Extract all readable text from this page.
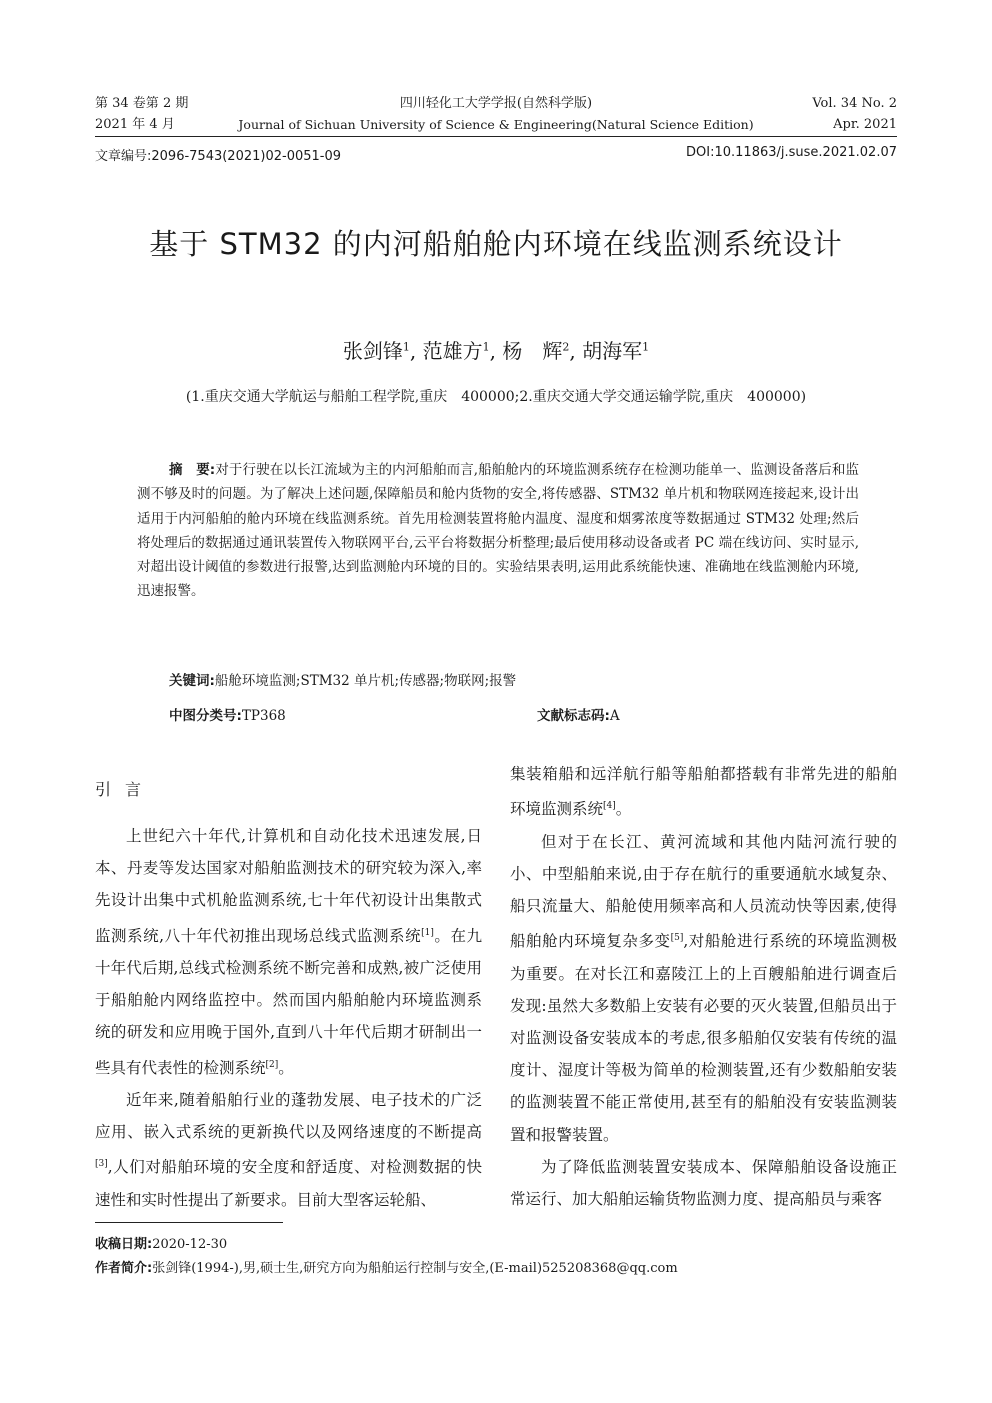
第 34 卷第 2 期
2021 年 4 月
四川轻化工大学学报(自然科学版)
Journal of Sichuan University of Science & Engineering(Natural Science Edition)
Vol. 34 No. 2
Apr. 2021
文章编号:2096-7543(2021)02-0051-09	DOI:10.11863/j.suse.2021.02.07
基于 STM32 的内河船舶舱内环境在线监测系统设计
张剑锋$^1$, 范雄方$^1$, 杨　辉$^2$, 胡海军$^1$
(1.重庆交通大学航运与船舶工程学院,重庆　400000;2.重庆交通大学交通运输学院,重庆　400000)
摘　要:对于行驶在以长江流域为主的内河船舶而言,船舶舱内的环境监测系统存在检测功能单一、监测设备落后和监测不够及时的问题。为了解决上述问题,保障船员和舱内货物的安全,将传感器、STM32 单片机和物联网连接起来,设计出适用于内河船舶的舱内环境在线监测系统。首先用检测装置将舱内温度、湿度和烟雾浓度等数据通过 STM32 处理;然后将处理后的数据通过通讯装置传入物联网平台,云平台将数据分析整理;最后使用移动设备或者 PC 端在线访问、实时显示,对超出设计阈值的参数进行报警,达到监测舱内环境的目的。实验结果表明,运用此系统能快速、准确地在线监测舱内环境,迅速报警。
关键词:船舱环境监测;STM32 单片机;传感器;物联网;报警
中图分类号:TP368	文献标志码:A
引言

上世纪六十年代,计算机和自动化技术迅速发展,日本、丹麦等发达国家对船舶监测技术的研究较为深入,率先设计出集中式机舱监测系统,七十年代初设计出集散式监测系统,八十年代初推出现场总线式监测系统[1]。在九十年代后期,总线式检测系统不断完善和成熟,被广泛使用于船舶舱内网络监控中。然而国内船舶舱内环境监测系统的研发和应用晚于国外,直到八十年代后期才研制出一些具有代表性的检测系统[2]。

近年来,随着船舶行业的蓬勃发展、电子技术的广泛应用、嵌入式系统的更新换代以及网络速度的不断提高[3],人们对船舶环境的安全度和舒适度、对检测数据的快速性和实时性提出了新要求。目前大型客运轮船、

集装箱船和远洋航行船等船舶都搭载有非常先进的船舶环境监测系统[4]。

但对于在长江、黄河流域和其他内陆河流行驶的小、中型船舶来说,由于存在航行的重要通航水域复杂、船只流量大、船舱使用频率高和人员流动快等因素,使得船舶舱内环境复杂多变[5],对船舱进行系统的环境监测极为重要。在对长江和嘉陵江上的上百艘船舶进行调查后发现:虽然大多数船上安装有必要的灭火装置,但船员出于对监测设备安装成本的考虑,很多船舶仅安装有传统的温度计、湿度计等极为简单的检测装置,还有少数船舶安装的监测装置不能正常使用,甚至有的船舶没有安装监测装置和报警装置。

为了降低监测装置安装成本、保障船舶设备设施正常运行、加大船舶运输货物监测力度、提高船员与乘客

收稿日期:2020-12-30
作者简介:张剑锋(1994-),男,硕士生,研究方向为船舶运行控制与安全,(E-mail)525208368@qq.com
